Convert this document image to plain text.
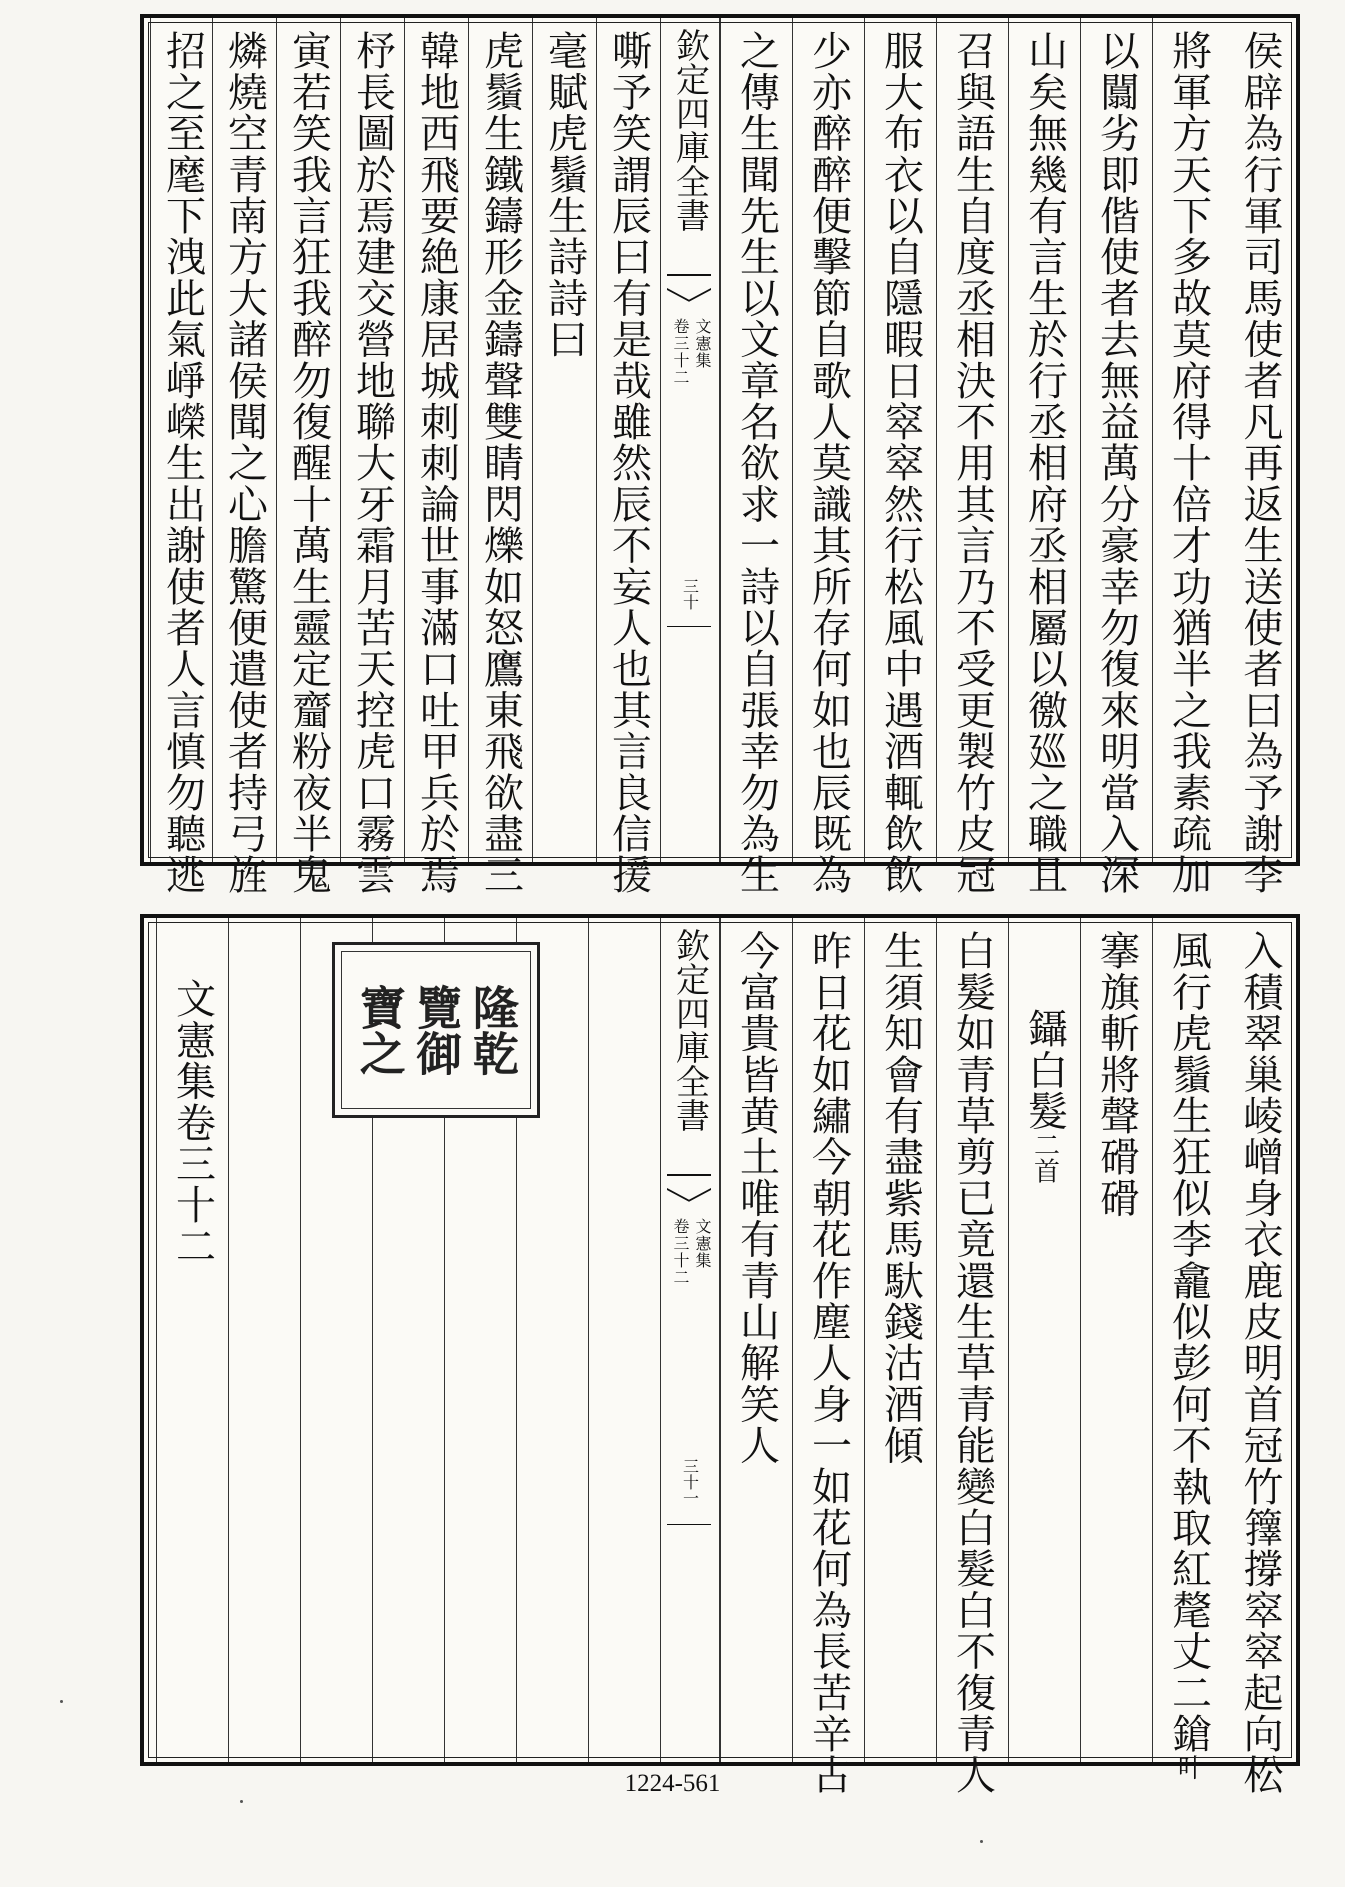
侯辟為行軍司馬使者凡再返生送使者曰為予謝李
將軍方天下多故莫府得十倍才功猶半之我素疏加
以闒劣即偕使者去無益萬分豪幸勿復來明當入深
山矣無幾有言生於行丞相府丞相屬以徼廵之職且
召與語生自度丞相決不用其言乃不受更製竹皮冠
服大布衣以自隱暇日窣窣然行松風中遇酒輒飲飲
少亦醉醉便擊節自歌人莫識其所存何如也辰既為
之傳生聞先生以文章名欲求一詩以自張幸勿為生
欽定四庫全書
文憲集
卷三十二
三十
嘶予笑謂辰曰有是哉雖然辰不妄人也其言良信援
毫賦虎鬚生詩詩曰
虎鬚生鐵鑄形金鑄聲雙睛閃爍如怒鷹東飛欲盡三
韓地西飛要絶康居城刺刺論世事滿口吐甲兵於焉
杼長圖於焉建交營地聯大牙霜月苦天控虎口霧雲
寅若笑我言狂我醉勿復醒十萬生靈定齏粉夜半鬼
燐燒空青南方大諸侯聞之心膽驚便遣使者持弓旌
招之至麾下洩此氣崢嶸生出謝使者人言慎勿聽逃
入積翠巢崚嶒身衣鹿皮明首冠竹籜撐窣窣起向松
風行虎鬚生狂似李龕似彭何不執取紅氂丈二鎗叶
搴旗斬將聲磆磆
鑷白髮二首
白髮如青草剪已竟還生草青能變白髮白不復青人
生須知會有盡紫馬馱錢沽酒傾
昨日花如繡今朝花作塵人身一如花何為長苦辛古
今富貴皆黄土唯有青山解笑人
欽定四庫全書
文憲集
卷三十二
三十一
文憲集卷三十二	寶之
覽御
隆乾
1224-561
